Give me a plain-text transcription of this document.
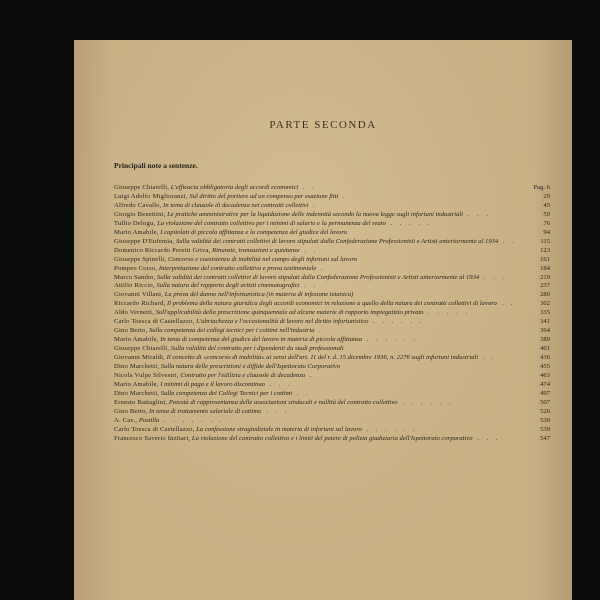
PARTE SECONDA
Principali note a sentenze.
Giuseppe Chiarelli, L'efficacia obbligatoria degli accordi economici . .	Pag. 6
Luigi Adolfo Miglioranzi, Sul diritto del portiere ad un compenso per esazione fitti .	29
Alfredo Cavallo, In tema di clausole di decadenza nei contratti collettivi .	45
Giorgio Benettini, Le pratiche amministrative per la liquidazione delle indennità secondo la nuova legge sugli infortuni industriali . . .	59
Tullio Delogu, La violazione del contratto collettivo per i minimi di salario e la permanenza del reato . . . . .	76
Mario Amabile, I capitolati di piccola affittanza e la competenza del giudice del lavoro	94
Giuseppe D'Eufemia, Sulla validità dei contratti collettivi di lavoro stipulati dalla Confederazione Professionisti e Artisti anteriormente al 1934 . .	115
Domenico Riccardo Peretti Griva, Rinunzie, transazioni e quietanze . .	123
Giuseppe Spinelli, Concorso e coesistenza di inabilità nel campo degli infortuni sul lavoro	161
Pompeo Corso, Interpretazione del contratto collettivo e prova testimoniale .	184
Marco Sambo, Sulla validità dei contratti collettivi di lavoro stipulati dalla Confederazione Professionisti e Artisti anteriormente al 1934 . . .	219
Attilio Riccio, Sulla natura del rapporto degli artisti cinematografici . .	237
Giovanni Villani, La prova del danno nell'infortunistica (in materia di infezione tetanica)	280
Riccardo Richard, Il problema della natura giuridica degli accordi economici in relazione a quello della natura dei contratti collettivi di lavoro . .	302
Aldo Vernetti, Sull'applicabilità della prescrizione quinquennale ad alcune materie di rapporto impiegatizio privato . . . . .	335
Carlo Toesca di Castellazzo, L'ubriachezza e l'occasionalità di lavoro nel diritto infortunistico . . . . . .	341
Gino Berto, Sulla competenza dei collegi tecnici per i cottimi nell'industria .	364
Mario Amabile, In tema di competenza del giudice del lavoro in materia di piccola affittanza . . . . . .	389
Giuseppe Chiarelli, Sulla validità del contratto per i dipendenti da studi professionali	401
Giovanni Miraldi, Il concetto di «concorso di inabilità» ai sensi dell'art. 11 del r. d. 15 dicembre 1936, n. 2276 sugli infortuni industriali . .	436
Dino Marchetti, Sulla natura delle prescrizioni e diffide dell'Ispettorato Corporativo	455
Nicola Vulpe Silvestri, Contratto per l'edilizia e clausole di decadenza .	463
Mario Amabile, I minimi di paga e il lavoro discontinuo . . .	474
Dino Marchetti, Sulla competenza dei Collegi Tecnici per i cottimi . .	497
Ernesto Battaglini, Potestà di rappresentanza delle associazioni sindacali e nullità del contratto collettivo . . . . . .	507
Gino Berto, In tema di trattamento salariale di cottimo . . .	526
A. Cav., Postilla . . . . . . .	530
Carlo Toesca di Castellazzo, La confessione stragiudiziale in materia di infortuni sul lavoro . . . . . .	539
Francesco Saverio Inzitari, La violazione del contratto collettivo e i limiti del potere di polizia giudiziaria dell'Ispettorato corporativo . . .	547
